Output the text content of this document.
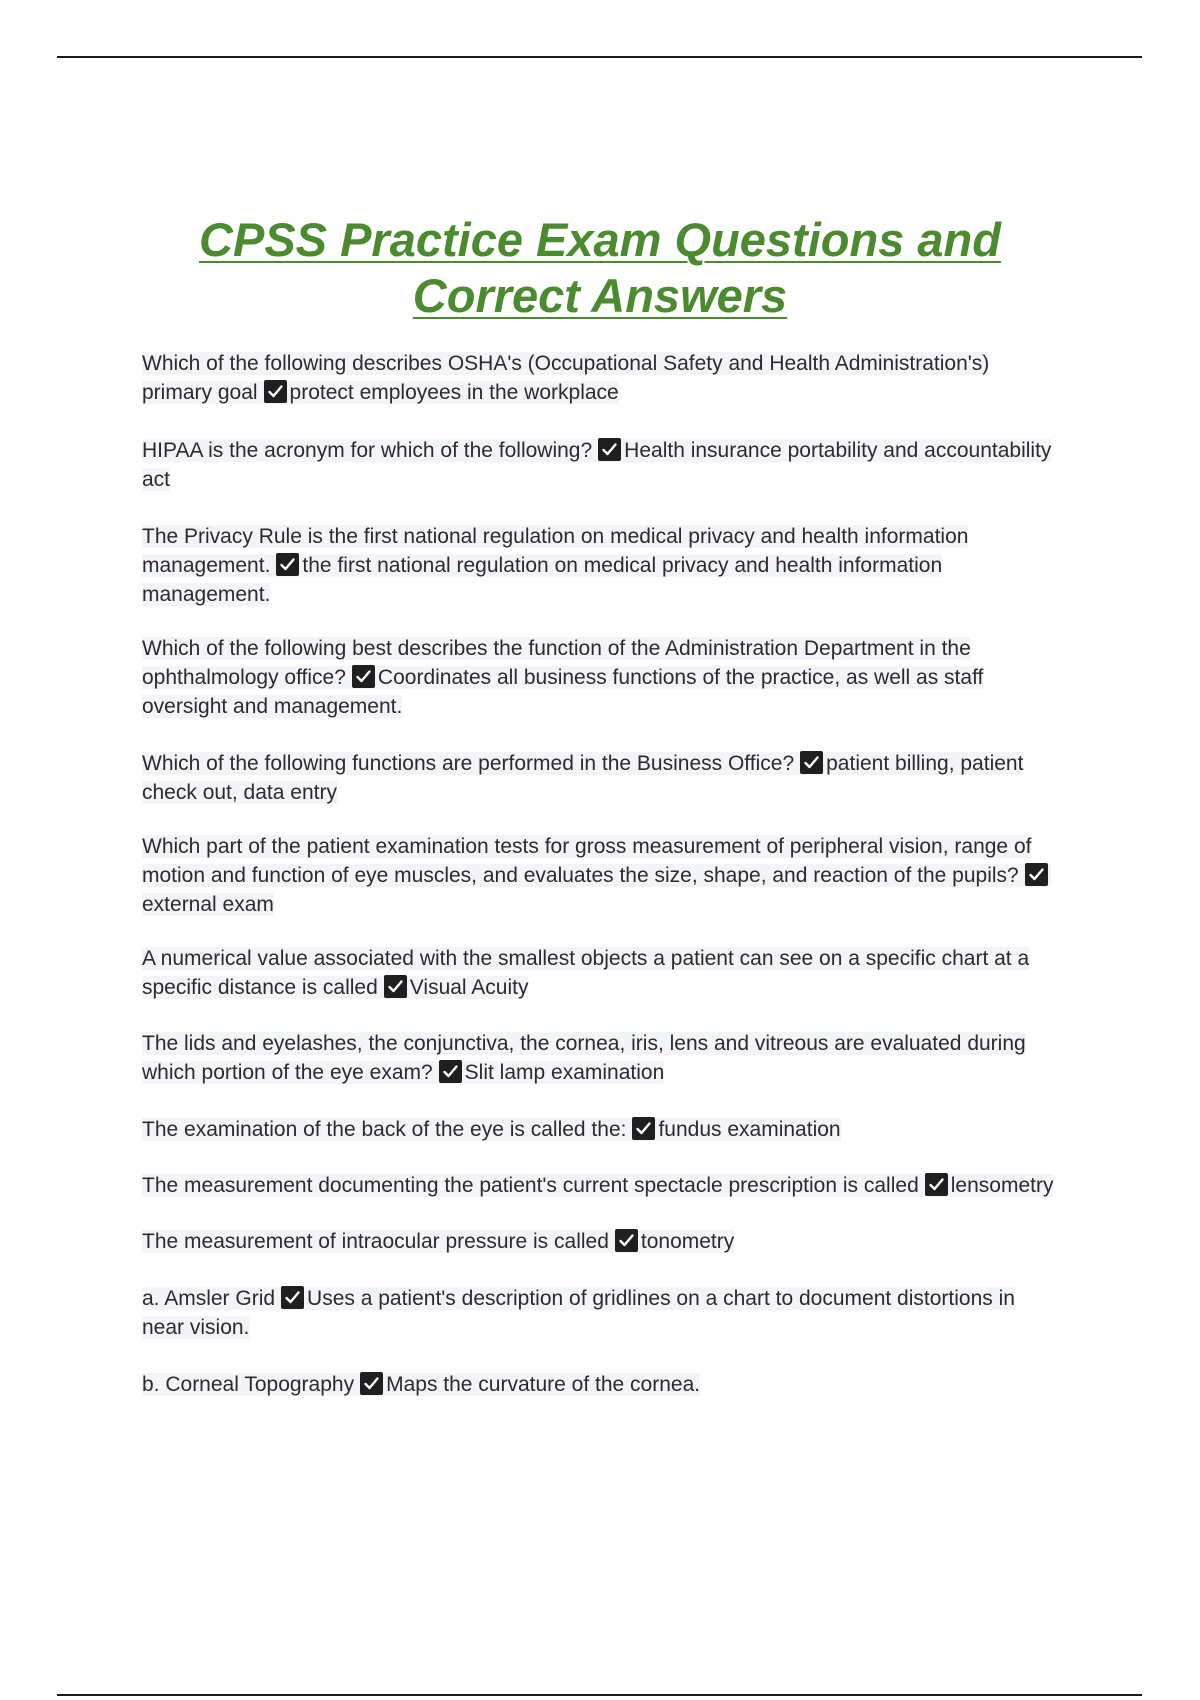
CPSS Practice Exam Questions and
Correct Answers

Which of the following describes OSHA's (Occupational Safety and Health Administration's) primary goal protect employees in the workplace

HIPAA is the acronym for which of the following? Health insurance portability and accountability act

The Privacy Rule is the first national regulation on medical privacy and health information management. the first national regulation on medical privacy and health information management.

Which of the following best describes the function of the Administration Department in the ophthalmology office? Coordinates all business functions of the practice, as well as staff oversight and management.

Which of the following functions are performed in the Business Office? patient billing, patient check out, data entry

Which part of the patient examination tests for gross measurement of peripheral vision, range of motion and function of eye muscles, and evaluates the size, shape, and reaction of the pupils?
external exam

A numerical value associated with the smallest objects a patient can see on a specific chart at a specific distance is called Visual Acuity

The lids and eyelashes, the conjunctiva, the cornea, iris, lens and vitreous are evaluated during which portion of the eye exam? Slit lamp examination

The examination of the back of the eye is called the: fundus examination

The measurement documenting the patient's current spectacle prescription is called lensometry

The measurement of intraocular pressure is called tonometry

a. Amsler Grid Uses a patient's description of gridlines on a chart to document distortions in near vision.

b. Corneal Topography Maps the curvature of the cornea.
